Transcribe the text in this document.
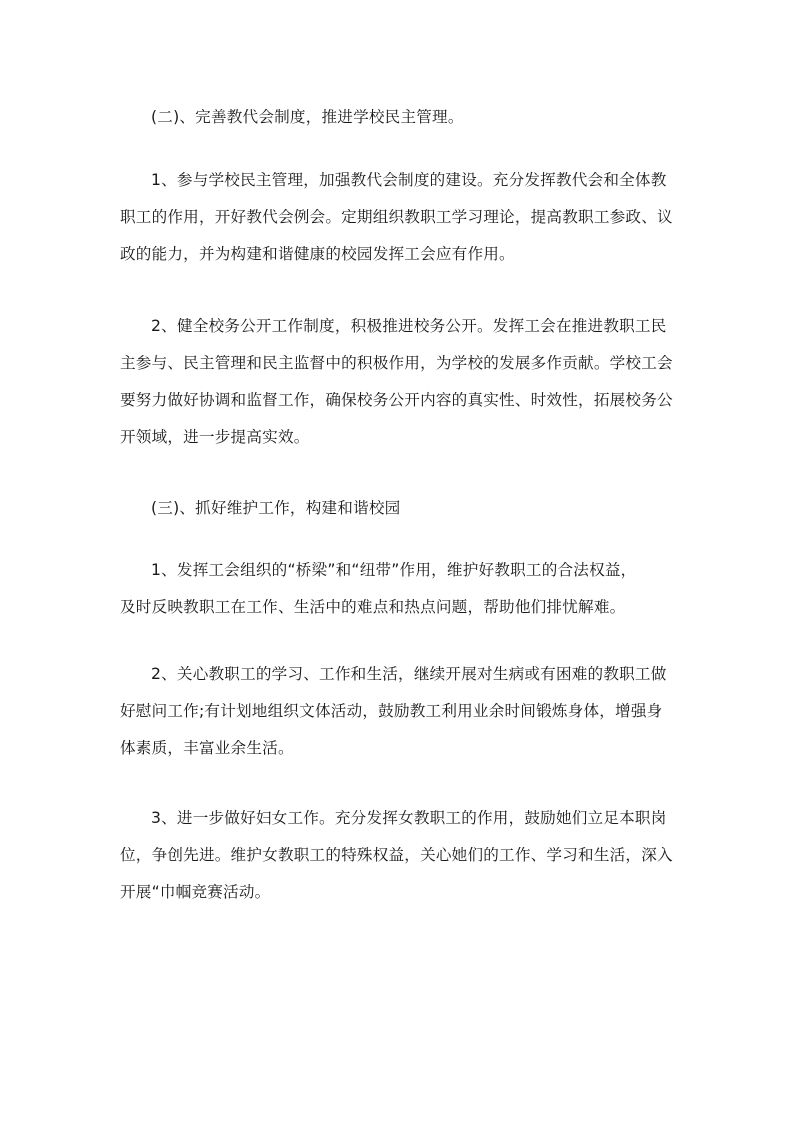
(二)、完善教代会制度，推进学校民主管理。

1、参与学校民主管理，加强教代会制度的建设。充分发挥教代会和全体教
职工的作用，开好教代会例会。定期组织教职工学习理论，提高教职工参政、议
政的能力，并为构建和谐健康的校园发挥工会应有作用。

2、健全校务公开工作制度，积极推进校务公开。发挥工会在推进教职工民
主参与、民主管理和民主监督中的积极作用，为学校的发展多作贡献。学校工会
要努力做好协调和监督工作，确保校务公开内容的真实性、时效性，拓展校务公
开领域，进一步提高实效。

(三)、抓好维护工作，构建和谐校园

1、发挥工会组织的“桥梁”和“纽带”作用，维护好教职工的合法权益，
及时反映教职工在工作、生活中的难点和热点问题，帮助他们排忧解难。

2、关心教职工的学习、工作和生活，继续开展对生病或有困难的教职工做
好慰问工作;有计划地组织文体活动，鼓励教工利用业余时间锻炼身体，增强身
体素质，丰富业余生活。

3、进一步做好妇女工作。充分发挥女教职工的作用，鼓励她们立足本职岗
位，争创先进。维护女教职工的特殊权益，关心她们的工作、学习和生活，深入
开展“巾帼竞赛活动。
